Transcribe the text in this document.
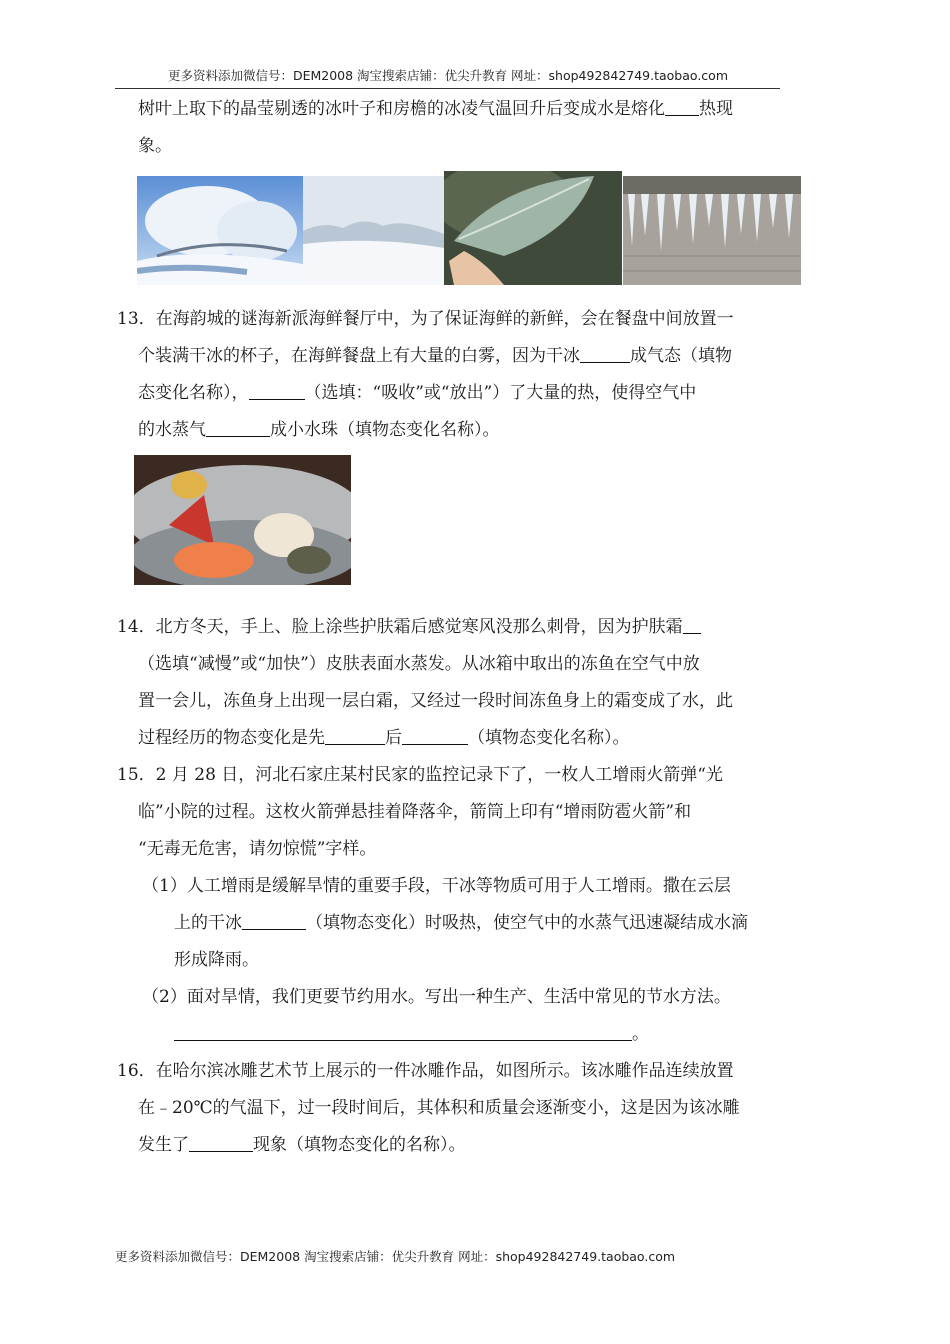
更多资料添加微信号：DEM2008 淘宝搜索店铺：优尖升教育 网址：shop492842749.taobao.com
树叶上取下的晶莹剔透的冰叶子和房檐的冰凌气温回升后变成水是熔化 热现
象。
13．在海韵城的谜海新派海鲜餐厅中，为了保证海鲜的新鲜，会在餐盘中间放置一
个装满干冰的杯子，在海鲜餐盘上有大量的白雾，因为干冰	成气态（填物
态变化名称），	（选填：“吸收”或“放出”）了大量的热，使得空气中
的水蒸气	成小水珠（填物态变化名称）。
14．北方冬天，手上、脸上涂些护肤霜后感觉寒风没那么刺骨，因为护肤霜
（选填“减慢”或“加快”）皮肤表面水蒸发。从冰箱中取出的冻鱼在空气中放
置一会儿，冻鱼身上出现一层白霜，又经过一段时间冻鱼身上的霜变成了水，此
过程经历的物态变化是先	后	（填物态变化名称）。
15．2 月 28 日，河北石家庄某村民家的监控记录下了，一枚人工增雨火箭弹“光
临”小院的过程。这枚火箭弹悬挂着降落伞，箭筒上印有“增雨防雹火箭”和
“无毒无危害，请勿惊慌”字样。
（1）人工增雨是缓解旱情的重要手段，干冰等物质可用于人工增雨。撒在云层
上的干冰	（填物态变化）时吸热，使空气中的水蒸气迅速凝结成水滴
形成降雨。
（2）面对旱情，我们更要节约用水。写出一种生产、生活中常见的节水方法。
。
16．在哈尔滨冰雕艺术节上展示的一件冰雕作品，如图所示。该冰雕作品连续放置
在﹣20℃的气温下，过一段时间后，其体积和质量会逐渐变小，这是因为该冰雕
发生了	现象（填物态变化的名称）。
更多资料添加微信号：DEM2008 淘宝搜索店铺：优尖升教育 网址：shop492842749.taobao.com
